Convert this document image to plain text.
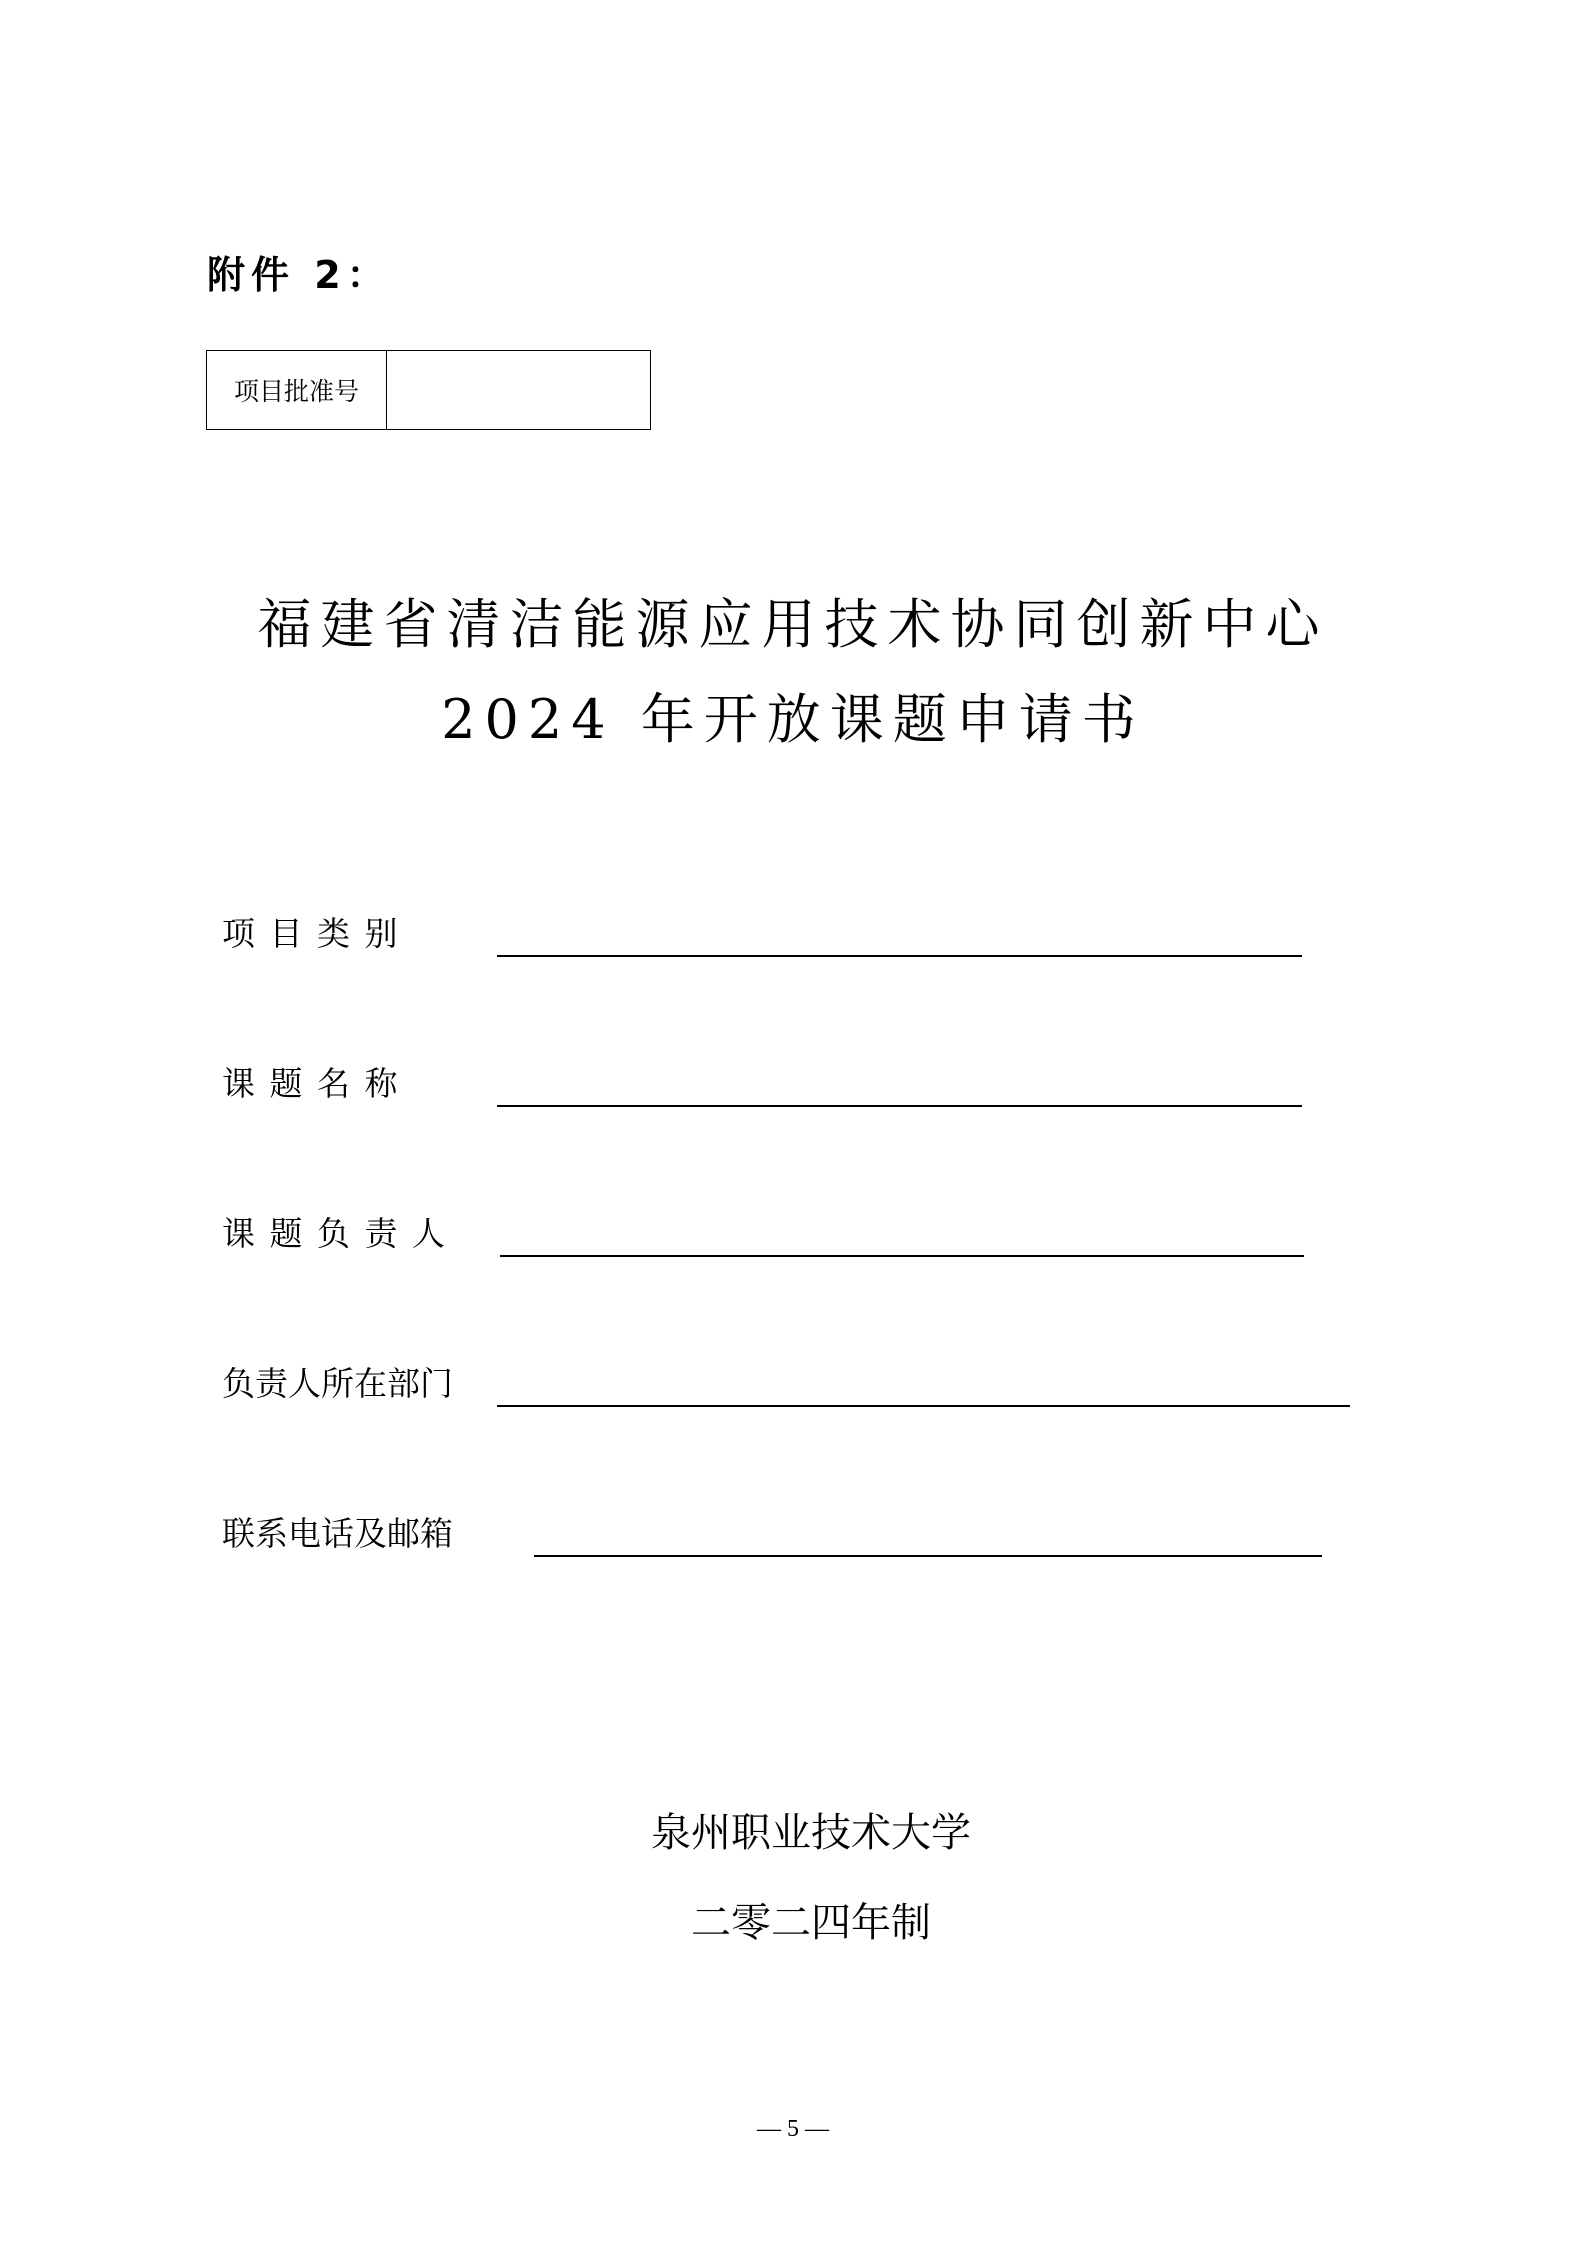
附件 2：
项目批准号
福建省清洁能源应用技术协同创新中心
2024 年开放课题申请书
项 目 类 别
课 题 名 称
课 题 负 责 人
负责人所在部门
联系电话及邮箱
泉州职业技术大学
二零二四年制
— 5 —
